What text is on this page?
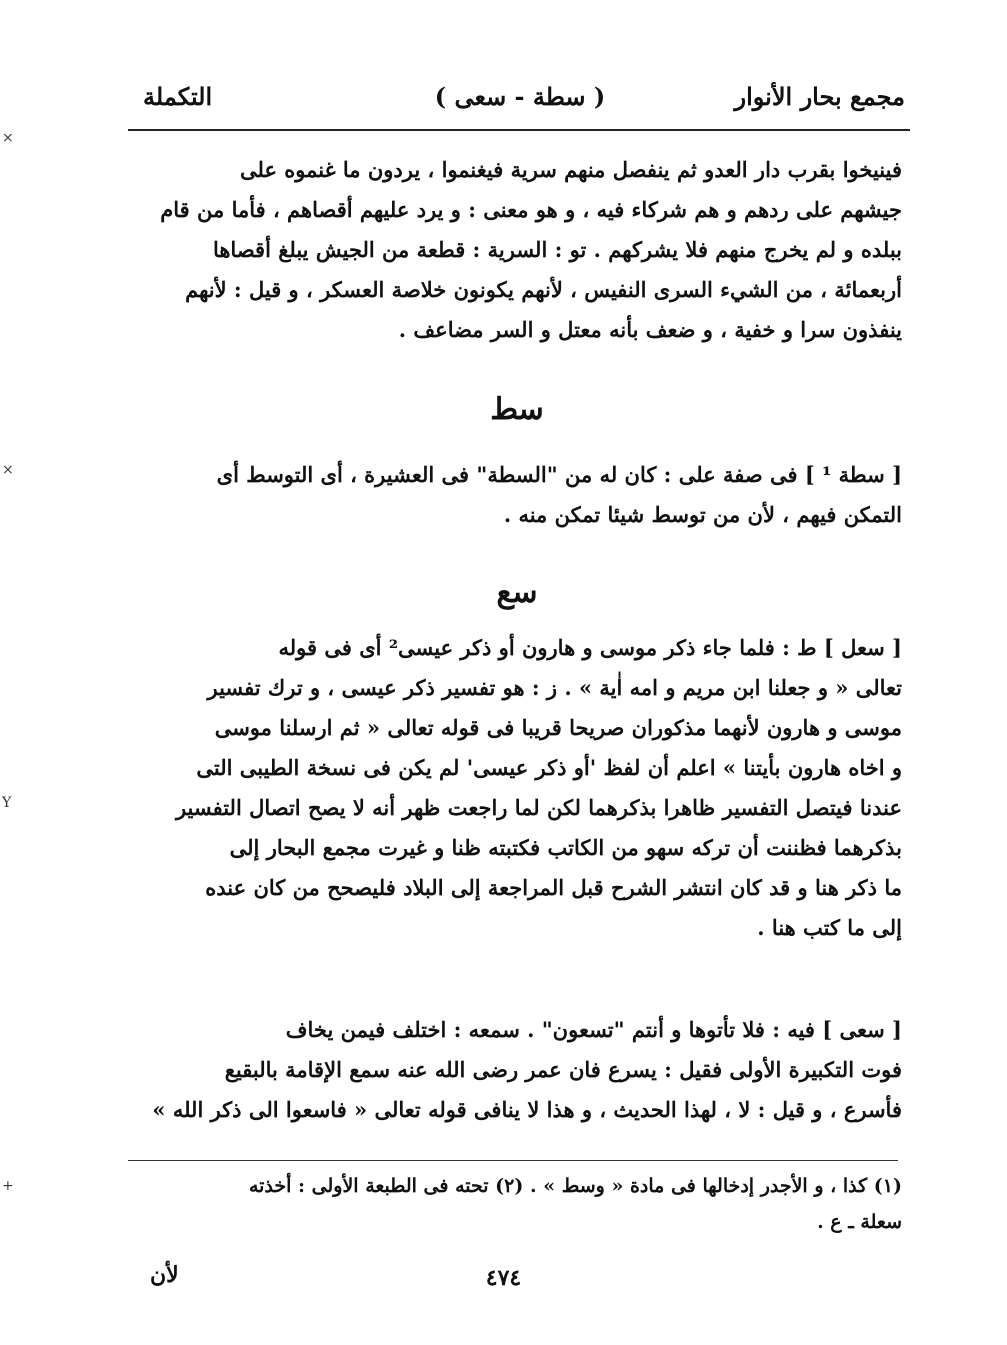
مجمع بحار الأنوار
( سطة - سعى )
التكملة
فينيخوا بقرب دار العدو ثم ينفصل منهم سرية فيغنموا ، يردون ما غنموه على
جيشهم على ردهم و هم شركاء فيه ، و هو معنى : و يرد عليهم أقصاهم ، فأما من قام
ببلده و لم يخرج منهم فلا يشركهم . تو : السرية : قطعة من الجيش يبلغ أقصاها
أربعمائة ، من الشيء السرى النفيس ، لأنهم يكونون خلاصة العسكر ، و قيل : لأنهم
ينفذون سرا و خفية ، و ضعف بأنه معتل و السر مضاعف .
سط
[ سطة ¹ ] فى صفة على : كان له من "السطة" فى العشيرة ، أى التوسط أى
التمكن فيهم ، لأن من توسط شيئا تمكن منه .
سع
[ سعل ] ط : فلما جاء ذكر موسى و هارون أو ذكر عيسى² أى فى قوله
تعالى « و جعلنا ابن مريم و امه اٰية » . ز : هو تفسير ذكر عيسى ، و ترك تفسير
موسى و هارون لأنهما مذكوران صريحا قريبا فى قوله تعالى « ثم ارسلنا موسى
و اخاه هارون بأيتنا » اعلم أن لفظ 'أو ذكر عيسى' لم يكن فى نسخة الطيبى التى
عندنا فيتصل التفسير ظاهرا بذكرهما لكن لما راجعت ظهر أنه لا يصح اتصال التفسير
بذكرهما فظننت أن تركه سهو من الكاتب فكتبته ظنا و غيرت مجمع البحار إلى
ما ذكر هنا و قد كان انتشر الشرح قبل المراجعة إلى البلاد فليصحح من كان عنده
إلى ما كتب هنا .
[ سعى ] فيه : فلا تأتوها و أنتم "تسعون" . سمعه : اختلف فيمن يخاف
فوت التكبيرة الأولى فقيل : يسرع فان عمر رضى الله عنه سمع الإقامة بالبقيع
فأسرع ، و قيل : لا ، لهذا الحديث ، و هذا لا ينافى قوله تعالى « فاسعوا الى ذكر الله »
(١) كذا ، و الأجدر إدخالها فى مادة « وسط » . (٢) تحته فى الطبعة الأولى : أخذته
سعلة ـ ع .
لأن	٤٧٤
×
×
Y
+
